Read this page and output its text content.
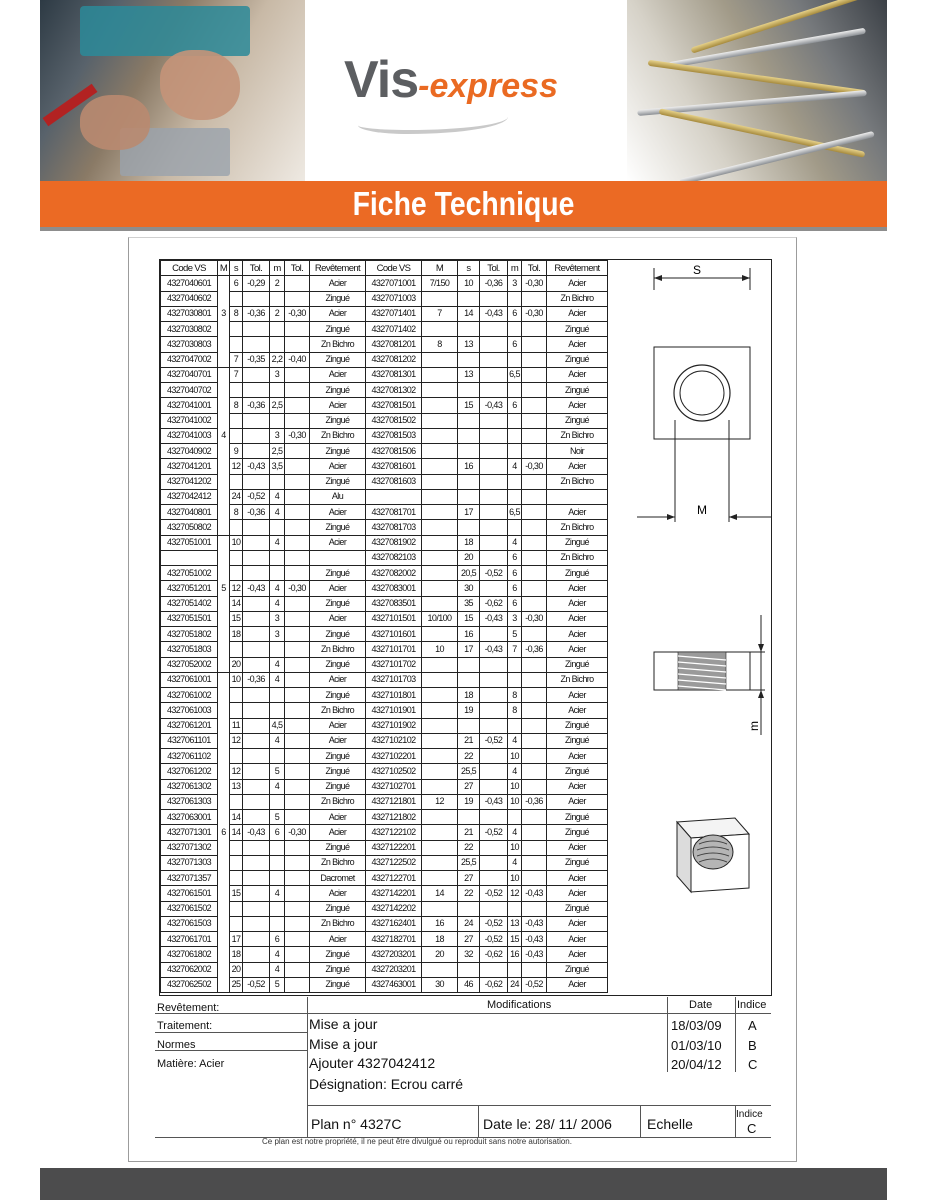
Vis-express
Fiche Technique
Code VS	M	s	Tol.	m	Tol.	Revêtement	Code VS	M	s	Tol.	m	Tol.	Revêtement
4327040601		6	-0,29	2		Acier	4327071001	7/150	10	-0,36	3	-0,30	Acier
4327040602						Zingué	4327071003						Zn Bichro
4327030801	3	8	-0,36	2	-0,30	Acier	4327071401	7	14	-0,43	6	-0,30	Acier
4327030802						Zingué	4327071402						Zingué
4327030803						Zn Bichro	4327081201	8	13		6		Acier
4327047002		7	-0,35	2,2	-0,40	Zingué	4327081202						Zingué
4327040701		7		3		Acier	4327081301		13		6,5		Acier
4327040702						Zingué	4327081302						Zingué
4327041001		8	-0,36	2,5		Acier	4327081501		15	-0,43	6		Acier
4327041002						Zingué	4327081502						Zingué
4327041003	4			3	-0,30	Zn Bichro	4327081503						Zn Bichro
4327040902		9		2,5		Zingué	4327081506						Noir
4327041201		12	-0,43	3,5		Acier	4327081601		16		4	-0,30	Acier
4327041202						Zingué	4327081603						Zn Bichro
4327042412		24	-0,52	4		Alu							
4327040801		8	-0,36	4		Acier	4327081701		17		6,5		Acier
4327050802						Zingué	4327081703						Zn Bichro
4327051001		10		4		Acier	4327081902		18		4		Zingué
							4327082103		20		6		Zn Bichro
4327051002						Zingué	4327082002		20,5	-0,52	6		Zingué
4327051201	5	12	-0,43	4	-0,30	Acier	4327083001		30		6		Acier
4327051402		14		4		Zingué	4327083501		35	-0,62	6		Acier
4327051501		15		3		Acier	4327101501	10/100	15	-0,43	3	-0,30	Acier
4327051802		18		3		Zingué	4327101601		16		5		Acier
4327051803						Zn Bichro	4327101701	10	17	-0,43	7	-0,36	Acier
4327052002		20		4		Zingué	4327101702						Zingué
4327061001		10	-0,36	4		Acier	4327101703						Zn Bichro
4327061002						Zingué	4327101801		18		8		Acier
4327061003						Zn Bichro	4327101901		19		8		Acier
4327061201		11		4,5		Acier	4327101902						Zingué
4327061101		12		4		Acier	4327102102		21	-0,52	4		Zingué
4327061102						Zingué	4327102201		22		10		Acier
4327061202		12		5		Zingué	4327102502		25,5		4		Zingué
4327061302		13		4		Zingué	4327102701		27		10		Acier
4327061303						Zn Bichro	4327121801	12	19	-0,43	10	-0,36	Acier
4327063001		14		5		Acier	4327121802						Zingué
4327071301	6	14	-0,43	6	-0,30	Acier	4327122102		21	-0,52	4		Zingué
4327071302						Zingué	4327122201		22		10		Acier
4327071303						Zn Bichro	4327122502		25,5		4		Zingué
4327071357						Dacromet	4327122701		27		10		Acier
4327061501		15		4		Acier	4327142201	14	22	-0,52	12	-0,43	Acier
4327061502						Zingué	4327142202						Zingué
4327061503						Zn Bichro	4327162401	16	24	-0,52	13	-0,43	Acier
4327061701		17		6		Acier	4327182701	18	27	-0,52	15	-0,43	Acier
4327061802		18		4		Zingué	4327203201	20	32	-0,62	16	-0,43	Acier
4327062002		20		4		Zingué	4327203201						Zingué
4327062502		25	-0,52	5		Zingué	4327463001	30	46	-0,62	24	-0,52	Acier
S
M
m
Revêtement:
Traitement:
Normes
Matière: Acier
Modifications	Date Indice
Mise a jour	18/03/09 A
Mise a jour	01/03/10 B
Ajouter 4327042412	20/04/12 C
Désignation: Ecrou carré
Plan n° 4327C	Date le: 28/ 11/ 2006	Echelle
Indice
C
Ce plan est notre propriété, il ne peut être divulgué ou reproduit sans notre autorisation.
